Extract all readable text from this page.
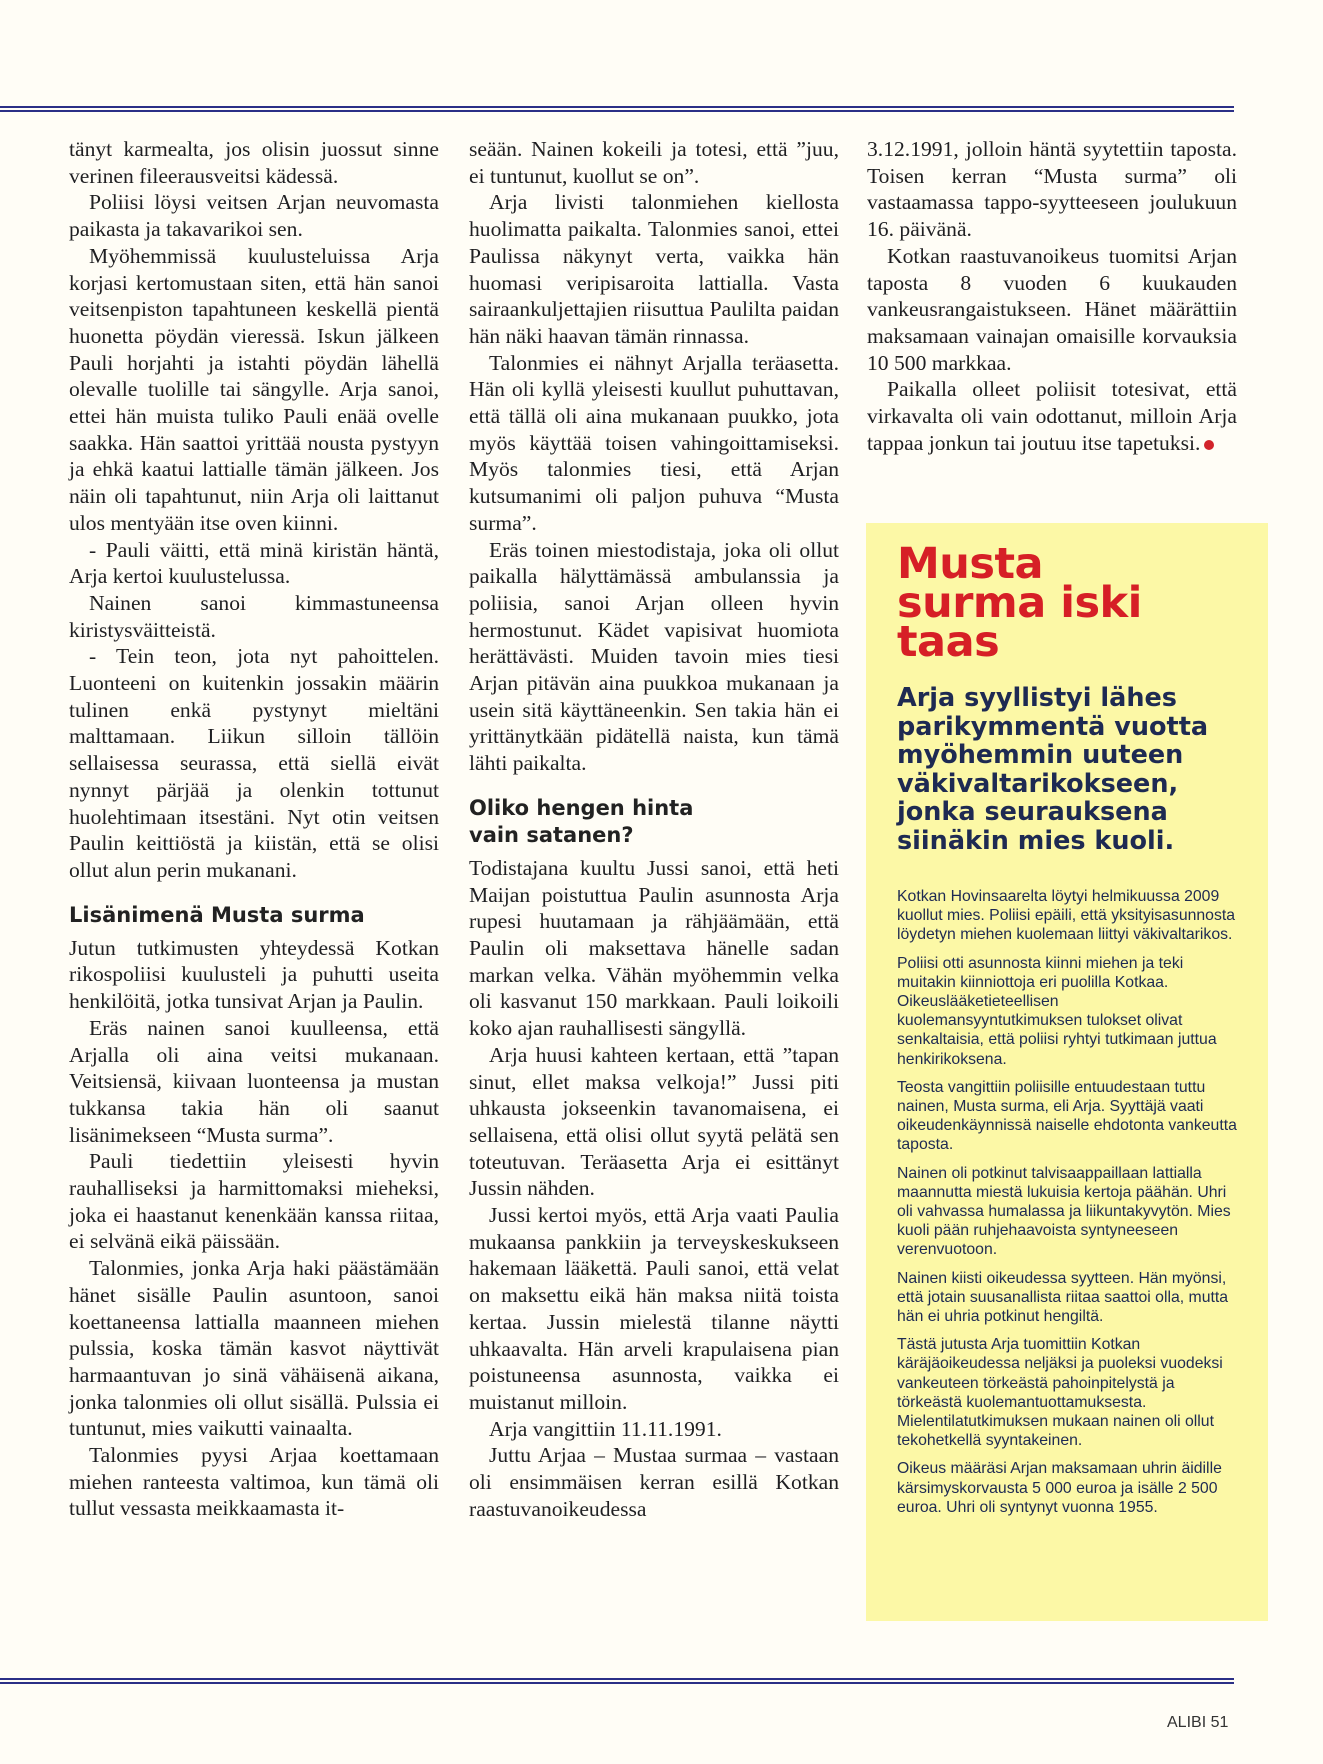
tänyt karmealta, jos olisin juossut sinne verinen fileerausveitsi kädessä.

Poliisi löysi veitsen Arjan neuvomasta paikasta ja takavarikoi sen.

Myöhemmissä kuulusteluissa Arja korjasi kertomustaan siten, että hän sanoi veitsenpiston tapahtuneen keskellä pientä huonetta pöydän vieressä. Iskun jälkeen Pauli horjahti ja istahti pöydän lähellä olevalle tuolille tai sängylle. Arja sanoi, ettei hän muista tuliko Pauli enää ovelle saakka. Hän saattoi yrittää nousta pystyyn ja ehkä kaatui lattialle tämän jälkeen. Jos näin oli tapahtunut, niin Arja oli laittanut ulos mentyään itse oven kiinni.

- Pauli väitti, että minä kiristän häntä, Arja kertoi kuulustelussa.

Nainen sanoi kimmastuneensa kiristysväitteistä.

- Tein teon, jota nyt pahoittelen. Luonteeni on kuitenkin jossakin määrin tulinen enkä pystynyt mieltäni malttamaan. Liikun silloin tällöin sellaisessa seurassa, että siellä eivät nynnyt pärjää ja olenkin tottunut huolehtimaan itsestäni. Nyt otin veitsen Paulin keittiöstä ja kiistän, että se olisi ollut alun perin mukanani.

Lisänimenä Musta surma

Jutun tutkimusten yhteydessä Kotkan rikospoliisi kuulusteli ja puhutti useita henkilöitä, jotka tunsivat Arjan ja Paulin.

Eräs nainen sanoi kuulleensa, että Arjalla oli aina veitsi mukanaan. Veitsiensä, kiivaan luonteensa ja mustan tukkansa takia hän oli saanut lisänimekseen “Musta surma”.

Pauli tiedettiin yleisesti hyvin rauhalliseksi ja harmittomaksi mieheksi, joka ei haastanut kenenkään kanssa riitaa, ei selvänä eikä päissään.

Talonmies, jonka Arja haki päästämään hänet sisälle Paulin asuntoon, sanoi koettaneensa lattialla maanneen miehen pulssia, koska tämän kasvot näyttivät harmaantuvan jo sinä vähäisenä aikana, jonka talonmies oli ollut sisällä. Pulssia ei tuntunut, mies vaikutti vainaalta.

Talonmies pyysi Arjaa koettamaan miehen ranteesta valtimoa, kun tämä oli tullut vessasta meikkaamasta it-

seään. Nainen kokeili ja totesi, että ”juu, ei tuntunut, kuollut se on”.

Arja livisti talonmiehen kiellosta huolimatta paikalta. Talonmies sanoi, ettei Paulissa näkynyt verta, vaikka hän huomasi veripisaroita lattialla. Vasta sairaankuljettajien riisuttua Paulilta paidan hän näki haavan tämän rinnassa.

Talonmies ei nähnyt Arjalla teräasetta. Hän oli kyllä yleisesti kuullut puhuttavan, että tällä oli aina mukanaan puukko, jota myös käyttää toisen vahingoittamiseksi. Myös talonmies tiesi, että Arjan kutsumanimi oli paljon puhuva “Musta surma”.

Eräs toinen miestodistaja, joka oli ollut paikalla hälyttämässä ambulanssia ja poliisia, sanoi Arjan olleen hyvin hermostunut. Kädet vapisivat huomiota herättävästi. Muiden tavoin mies tiesi Arjan pitävän aina puukkoa mukanaan ja usein sitä käyttäneenkin. Sen takia hän ei yrittänytkään pidätellä naista, kun tämä lähti paikalta.

Oliko hengen hinta
vain satanen?

Todistajana kuultu Jussi sanoi, että heti Maijan poistuttua Paulin asunnosta Arja rupesi huutamaan ja rähjäämään, että Paulin oli maksettava hänelle sadan markan velka. Vähän myöhemmin velka oli kasvanut 150 markkaan. Pauli loikoili koko ajan rauhallisesti sängyllä.

Arja huusi kahteen kertaan, että ”tapan sinut, ellet maksa velkoja!” Jussi piti uhkausta jokseenkin tavanomaisena, ei sellaisena, että olisi ollut syytä pelätä sen toteutuvan. Teräasetta Arja ei esittänyt Jussin nähden.

Jussi kertoi myös, että Arja vaati Paulia mukaansa pankkiin ja terveyskeskukseen hakemaan lääkettä. Pauli sanoi, että velat on maksettu eikä hän maksa niitä toista kertaa. Jussin mielestä tilanne näytti uhkaavalta. Hän arveli krapulaisena pian poistuneensa asunnosta, vaikka ei muistanut milloin.

Arja vangittiin 11.11.1991.

Juttu Arjaa – Mustaa surmaa – vastaan oli ensimmäisen kerran esillä Kotkan raastuvanoikeudessa

3.12.1991, jolloin häntä syytettiin taposta. Toisen kerran “Musta surma” oli vastaamassa tappo-syytteeseen joulukuun 16. päivänä.

Kotkan raastuvanoikeus tuomitsi Arjan taposta 8 vuoden 6 kuukauden vankeusrangaistukseen. Hänet määrättiin maksamaan vainajan omaisille korvauksia 10 500 markkaa.

Paikalla olleet poliisit totesivat, että virkavalta oli vain odottanut, milloin Arja tappaa jonkun tai joutuu itse tapetuksi.

Musta
surma iski
taas
Arja syyllistyi lähes parikymmentä vuotta myöhemmin uuteen väkivaltarikokseen, jonka seurauksena siinäkin mies kuoli.

Kotkan Hovinsaarelta löytyi helmikuussa 2009 kuollut mies. Poliisi epäili, että yksityisasunnosta löydetyn miehen kuolemaan liittyi väkivaltarikos.

Poliisi otti asunnosta kiinni miehen ja teki muitakin kiinniottoja eri puolilla Kotkaa. Oikeuslääketieteellisen kuolemansyyntutkimuksen tulokset olivat senkaltaisia, että poliisi ryhtyi tutkimaan juttua henkirikoksena.

Teosta vangittiin poliisille entuudestaan tuttu nainen, Musta surma, eli Arja. Syyttäjä vaati oikeudenkäynnissä naiselle ehdotonta vankeutta taposta.

Nainen oli potkinut talvisaappaillaan lattialla maannutta miestä lukuisia kertoja päähän. Uhri oli vahvassa humalassa ja liikuntakyvytön. Mies kuoli pään ruhjehaavoista syntyneeseen verenvuotoon.

Nainen kiisti oikeudessa syytteen. Hän myönsi, että jotain suusanallista riitaa saattoi olla, mutta hän ei uhria potkinut hengiltä.

Tästä jutusta Arja tuomittiin Kotkan käräjäoikeudessa neljäksi ja puoleksi vuodeksi vankeuteen törkeästä pahoinpitelystä ja törkeästä kuolemantuottamuksesta. Mielentilatutkimuksen mukaan nainen oli ollut tekohetkellä syyntakeinen.

Oikeus määräsi Arjan maksamaan uhrin äidille kärsimyskorvausta 5 000 euroa ja isälle 2 500 euroa. Uhri oli syntynyt vuonna 1955.

ALIBI 51
